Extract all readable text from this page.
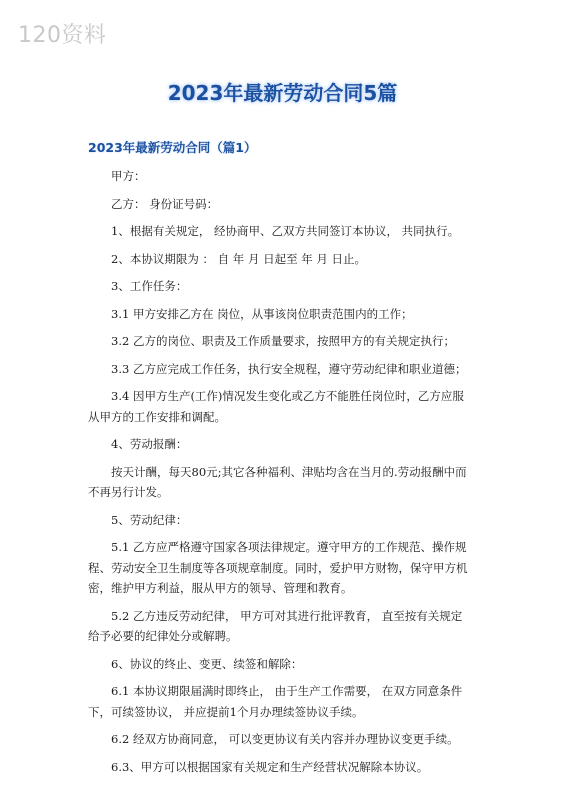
120资料
2023年最新劳动合同5篇
2023年最新劳动合同（篇1）

甲方：

乙方： 身份证号码：

1、根据有关规定， 经协商甲、乙双方共同签订本协议， 共同执行。

2、本协议期限为 ： 自 年 月 日起至 年 月 日止。

3、工作任务：

3.1 甲方安排乙方在 岗位，从事该岗位职责范围内的工作；

3.2 乙方的岗位、职责及工作质量要求，按照甲方的有关规定执行；

3.3 乙方应完成工作任务，执行安全规程，遵守劳动纪律和职业道德；

3.4 因甲方生产(工作)情况发生变化或乙方不能胜任岗位时，乙方应服从甲方的工作安排和调配。

4、劳动报酬：

按天计酬，每天80元;其它各种福利、津贴均含在当月的.劳动报酬中而不再另行计发。

5、劳动纪律：

5.1 乙方应严格遵守国家各项法律规定。遵守甲方的工作规范、操作规程、劳动安全卫生制度等各项规章制度。同时，爱护甲方财物，保守甲方机密，维护甲方利益，服从甲方的领导、管理和教育。

5.2 乙方违反劳动纪律， 甲方可对其进行批评教育， 直至按有关规定给予必要的纪律处分或解聘。

6、协议的终止、变更、续签和解除：

6.1 本协议期限届满时即终止， 由于生产工作需要， 在双方同意条件下，可续签协议， 并应提前1个月办理续签协议手续。

6.2 经双方协商同意， 可以变更协议有关内容并办理协议变更手续。

6.3、甲方可以根据国家有关规定和生产经营状况解除本协议。
